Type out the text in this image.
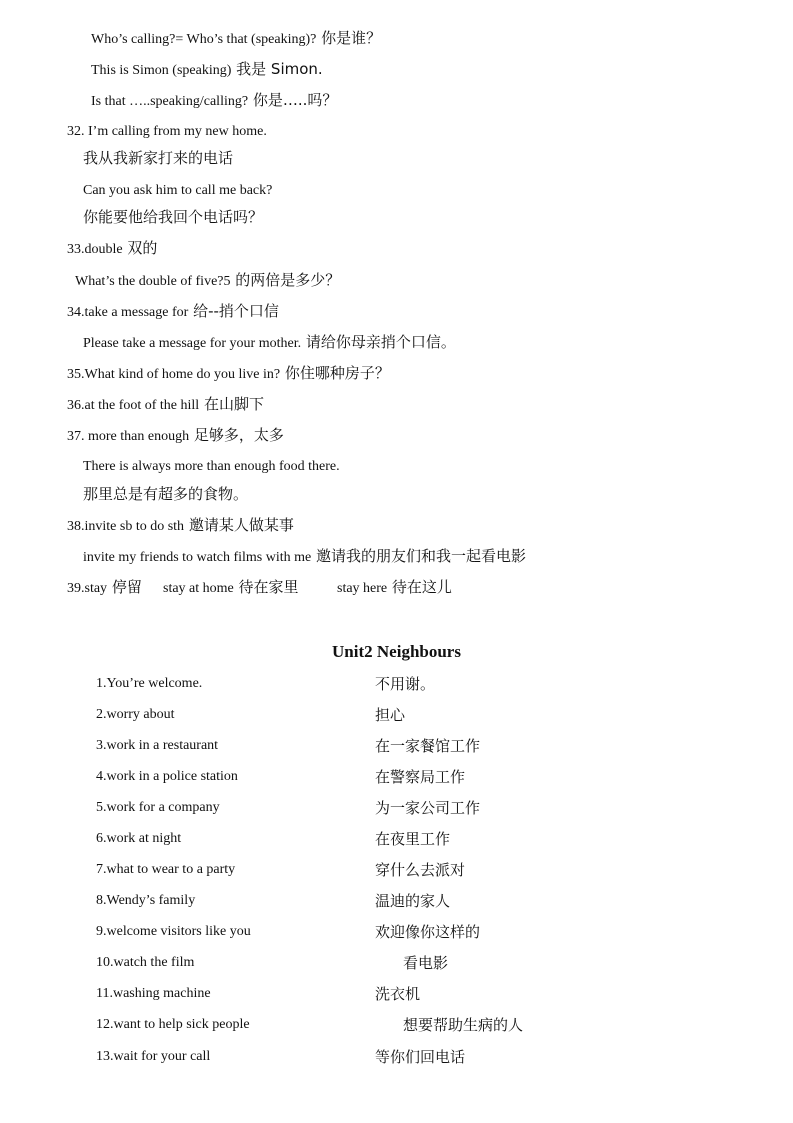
Who’s calling?= Who’s that (speaking)? 你是谁？
This is Simon (speaking) 我是 Simon.
Is that …..speaking/calling? 你是…..吗？
32. I’m calling from my new home.
我从我新家打来的电话
Can you ask him to call me back?
你能要他给我回个电话吗？
33.double 双的
What’s the double of five?5 的两倍是多少？
34.take a message for 给--捎个口信
Please take a message for your mother. 请给你母亲捎个口信。
35.What kind of home do you live in? 你住哪种房子？
36.at the foot of the hill 在山脚下
37. more than enough 足够多，太多
There is always more than enough food there.
那里总是有超多的食物。
38.invite sb to do sth 邀请某人做某事
invite my friends to watch films with me 邀请我的朋友们和我一起看电影
39.stay 停留 stay at home 待在家里	stay here 待在这儿
Unit2 Neighbours
1.You’re welcome.	不用谢。
2.worry about	担心
3.work in a restaurant	在一家餐馆工作
4.work in a police station	在警察局工作
5.work for a company	为一家公司工作
6.work at night	在夜里工作
7.what to wear to a party	穿什么去派对
8.Wendy’s family	温迪的家人
9.welcome visitors like you	欢迎像你这样的
10.watch the film	看电影
11.washing machine	洗衣机
12.want to help sick people	想要帮助生病的人
13.wait for your call	等你们回电话
